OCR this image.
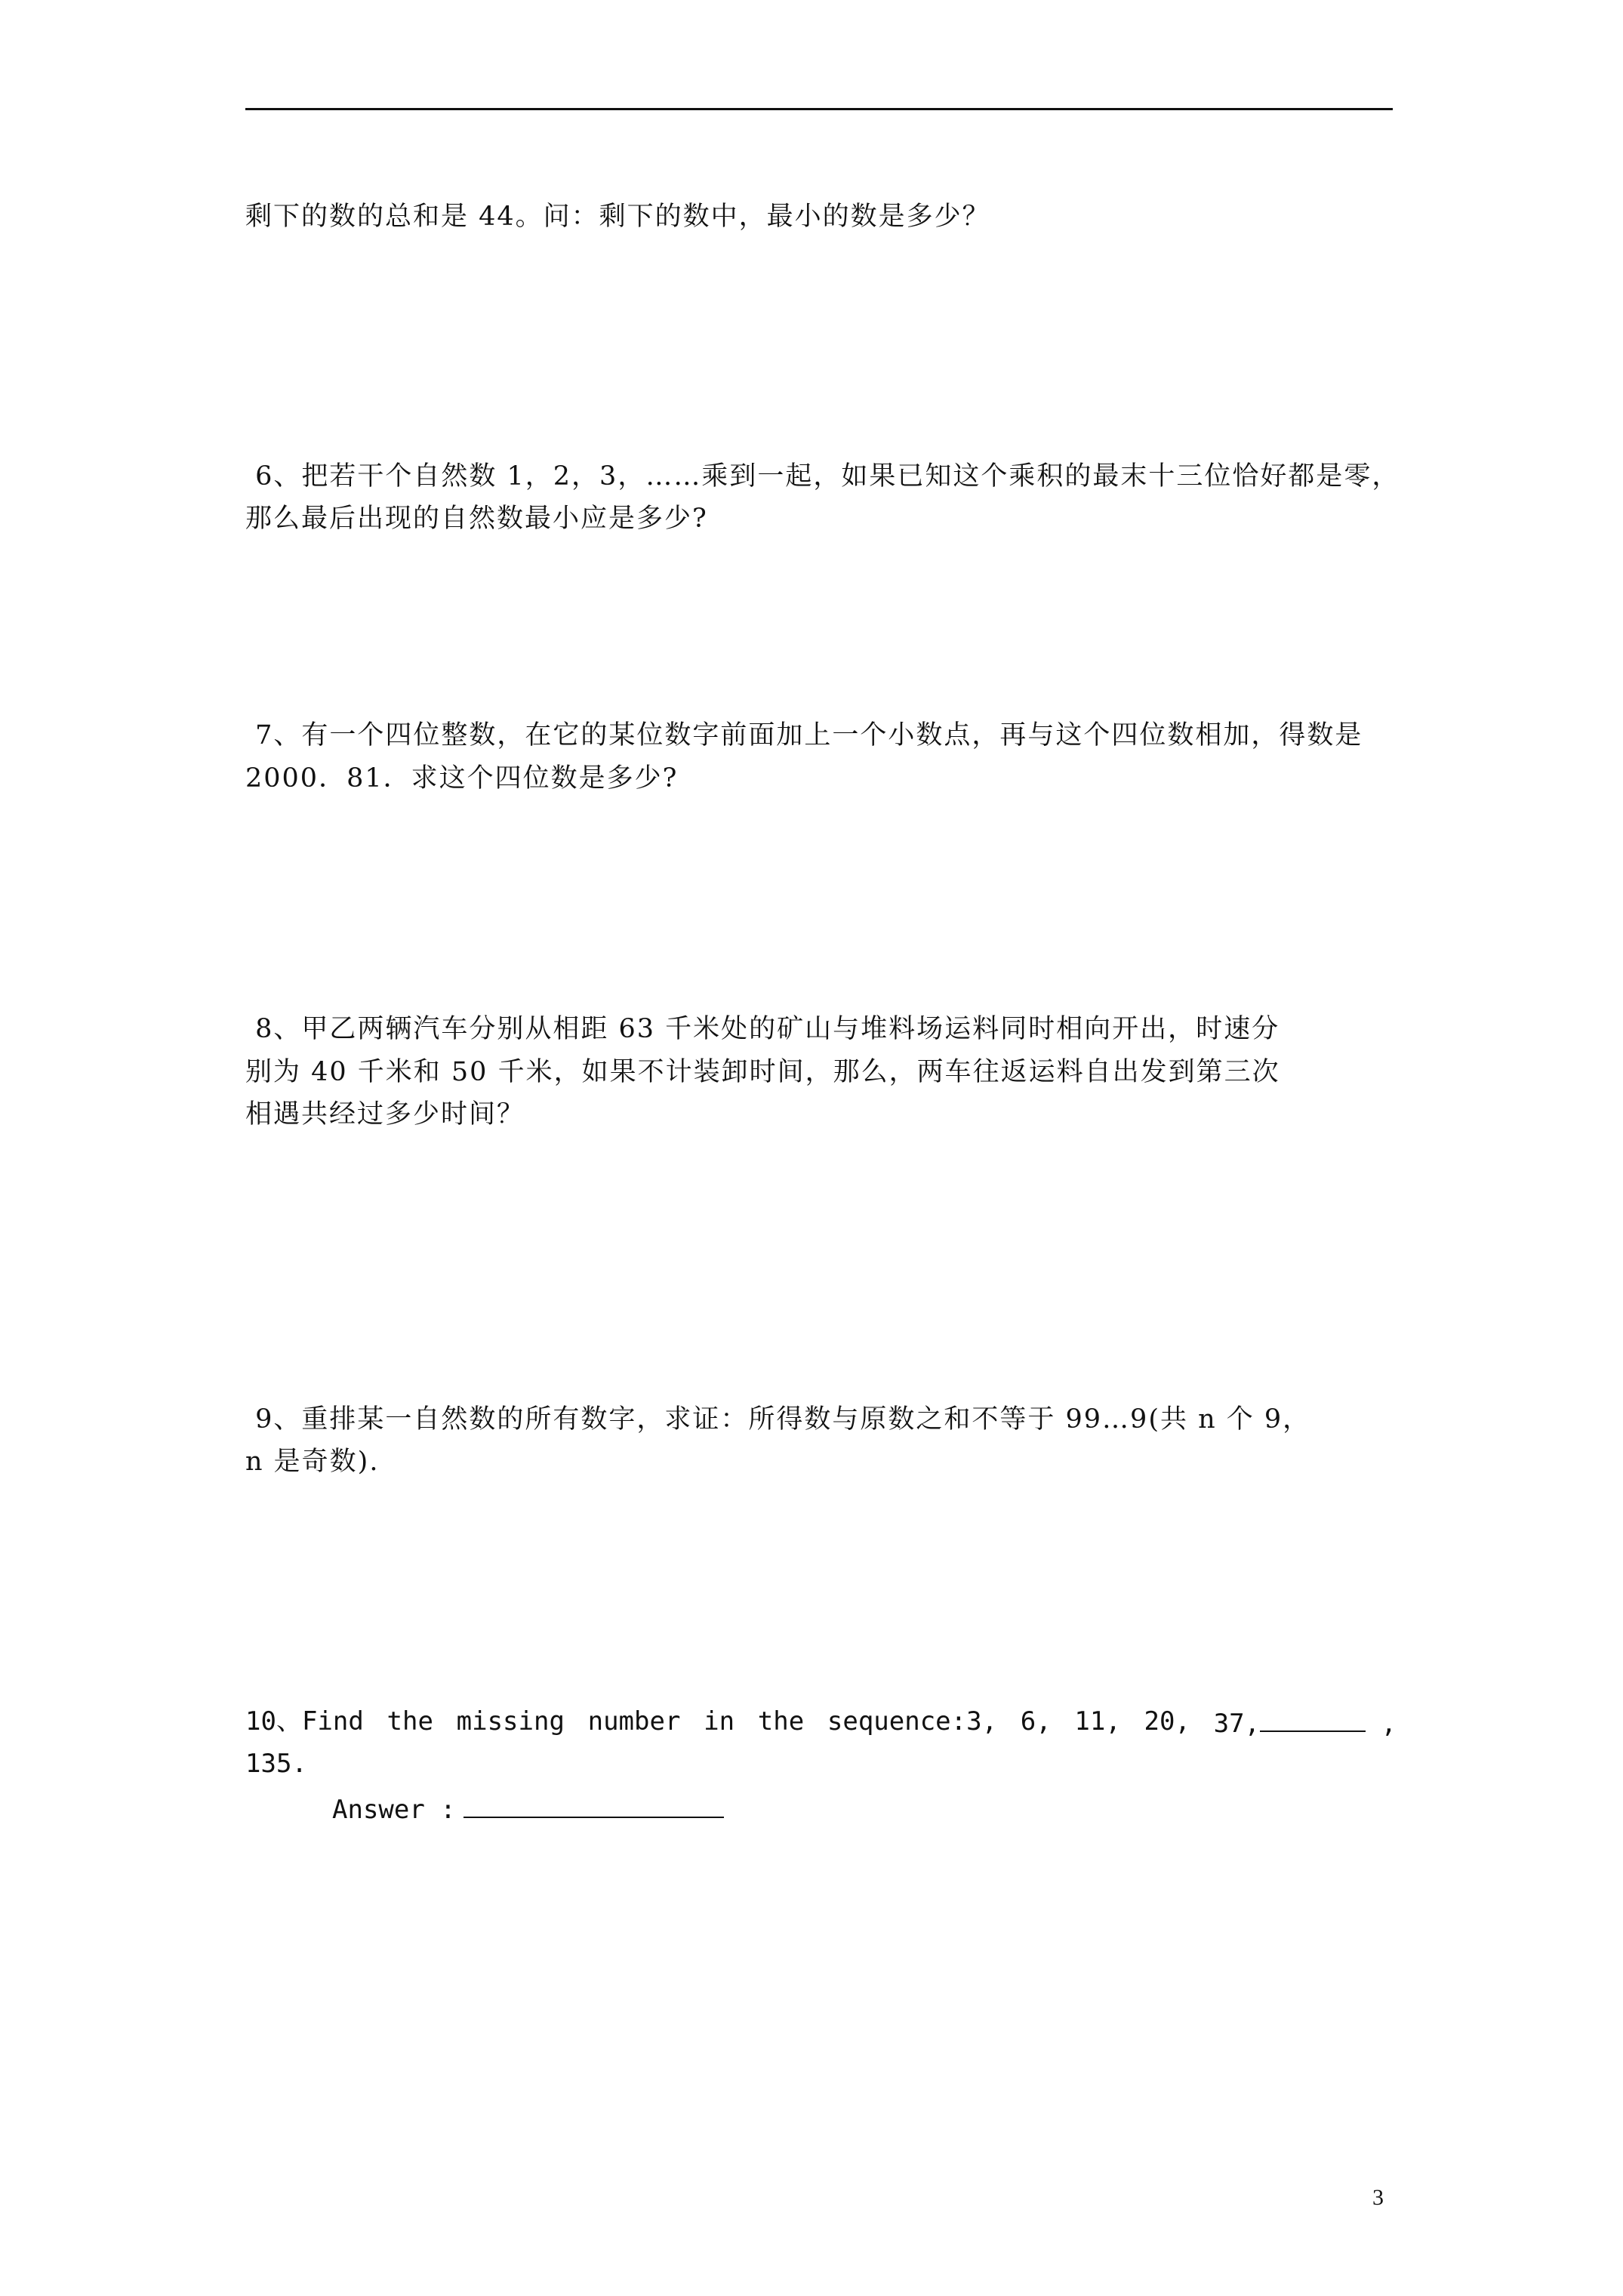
剩下的数的总和是 44。问：剩下的数中，最小的数是多少？
6、把若干个自然数 1，2，3，……乘到一起，如果已知这个乘积的最末十三位恰好都是零，
那么最后出现的自然数最小应是多少?
7、有一个四位整数，在它的某位数字前面加上一个小数点，再与这个四位数相加，得数是
2000．81．求这个四位数是多少?
8、甲乙两辆汽车分别从相距 63 千米处的矿山与堆料场运料同时相向开出，时速分
别为 40 千米和 50 千米，如果不计装卸时间，那么，两车往返运料自出发到第三次
相遇共经过多少时间？
9、重排某一自然数的所有数字，求证：所得数与原数之和不等于 99…9(共 n 个 9，
n 是奇数).
10、Find the missing number in the sequence:3, 6, 11, 20, 37,	,
135.
Answer :
3
